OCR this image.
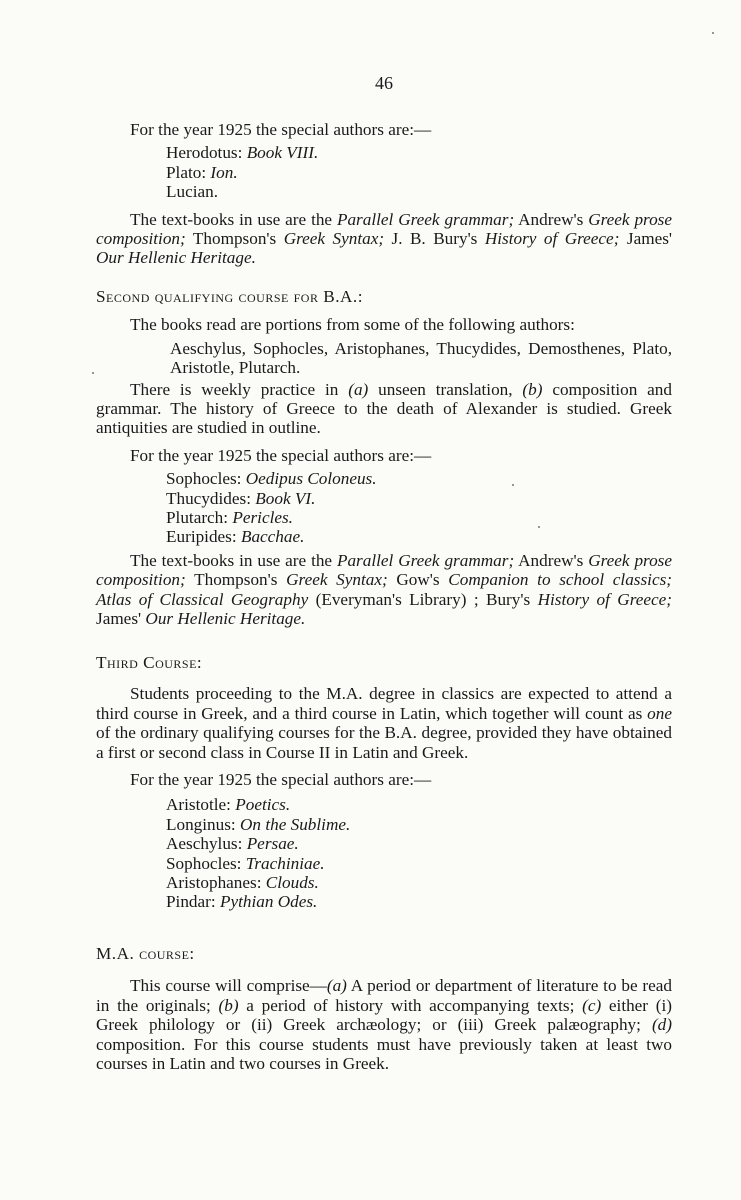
46

For the year 1925 the special authors are:—

Herodotus: Book VIII.
Plato: Ion.
Lucian.

The text-books in use are the Parallel Greek grammar; Andrew's Greek prose composition; Thompson's Greek Syntax; J. B. Bury's History of Greece; James' Our Hellenic Heritage.

Second qualifying course for B.A.:

The books read are portions from some of the following authors:

Aeschylus, Sophocles, Aristophanes, Thucydides, Demosthenes, Plato, Aristotle, Plutarch.

There is weekly practice in (a) unseen translation, (b) composition and grammar. The history of Greece to the death of Alexander is studied. Greek antiquities are studied in outline.

For the year 1925 the special authors are:—

Sophocles: Oedipus Coloneus.
Thucydides: Book VI.
Plutarch: Pericles.
Euripides: Bacchae.

The text-books in use are the Parallel Greek grammar; Andrew's Greek prose composition; Thompson's Greek Syntax; Gow's Companion to school classics; Atlas of Classical Geography (Everyman's Library) ; Bury's History of Greece; James' Our Hellenic Heritage.

Third Course:

Students proceeding to the M.A. degree in classics are expected to attend a third course in Greek, and a third course in Latin, which together will count as one of the ordinary qualifying courses for the B.A. degree, provided they have obtained a first or second class in Course II in Latin and Greek.

For the year 1925 the special authors are:—

Aristotle: Poetics.
Longinus: On the Sublime.
Aeschylus: Persae.
Sophocles: Trachiniae.
Aristophanes: Clouds.
Pindar: Pythian Odes.
M.A. course:

This course will comprise—(a) A period or department of literature to be read in the originals; (b) a period of history with accompanying texts; (c) either (i) Greek philology or (ii) Greek archæology; or (iii) Greek palæography; (d) composition. For this course students must have previously taken at least two courses in Latin and two courses in Greek.
